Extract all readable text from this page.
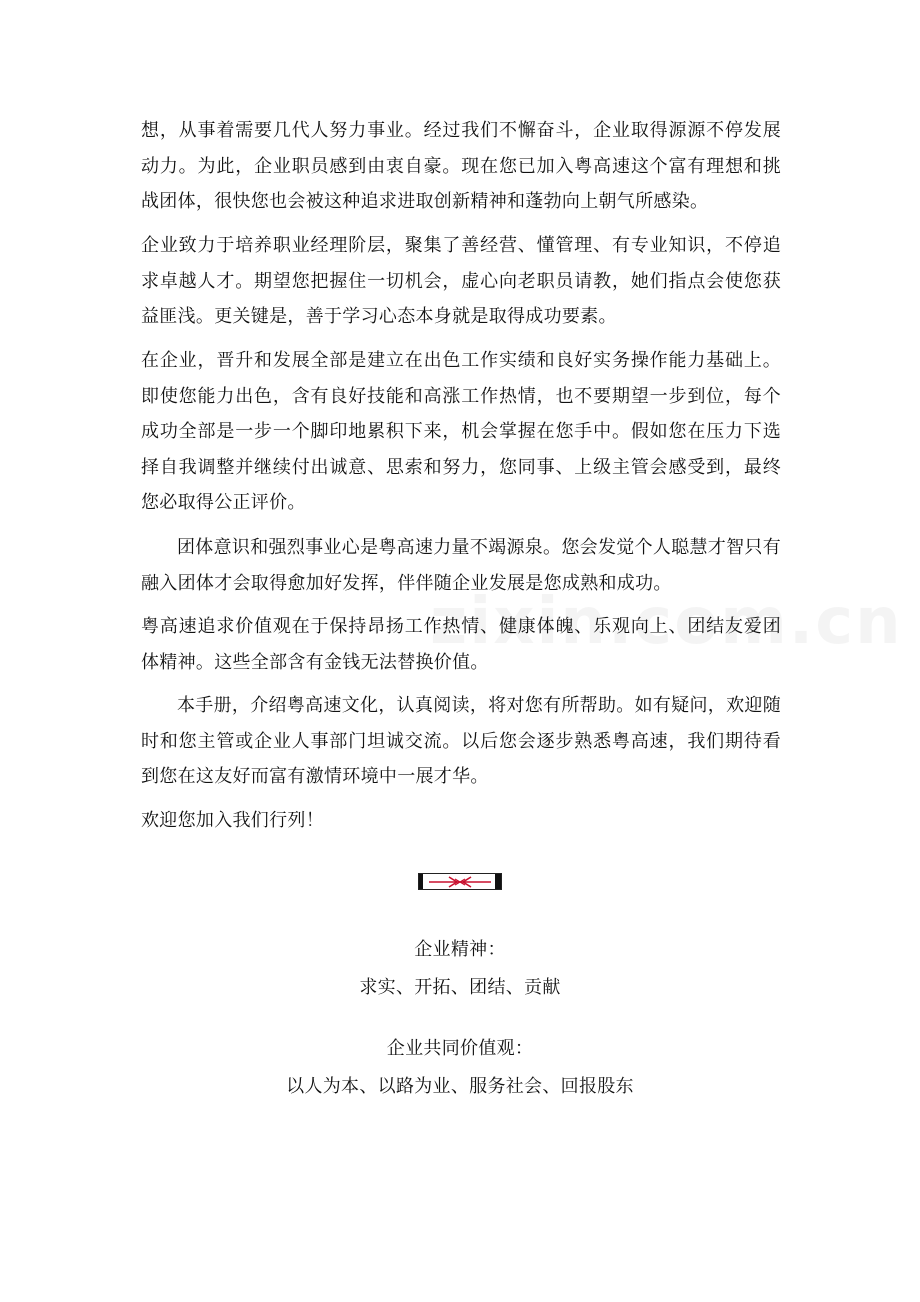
想，从事着需要几代人努力事业。经过我们不懈奋斗，企业取得源源不停发展动力。为此，企业职员感到由衷自豪。现在您已加入粤高速这个富有理想和挑战团体，很快您也会被这种追求进取创新精神和蓬勃向上朝气所感染。

企业致力于培养职业经理阶层，聚集了善经营、懂管理、有专业知识，不停追求卓越人才。期望您把握住一切机会，虚心向老职员请教，她们指点会使您获益匪浅。更关键是，善于学习心态本身就是取得成功要素。

在企业，晋升和发展全部是建立在出色工作实绩和良好实务操作能力基础上。即使您能力出色，含有良好技能和高涨工作热情，也不要期望一步到位，每个成功全部是一步一个脚印地累积下来，机会掌握在您手中。假如您在压力下选择自我调整并继续付出诚意、思索和努力，您同事、上级主管会感受到，最终您必取得公正评价。

团体意识和强烈事业心是粤高速力量不竭源泉。您会发觉个人聪慧才智只有融入团体才会取得愈加好发挥，伴伴随企业发展是您成熟和成功。

粤高速追求价值观在于保持昂扬工作热情、健康体魄、乐观向上、团结友爱团体精神。这些全部含有金钱无法替换价值。

本手册，介绍粤高速文化，认真阅读，将对您有所帮助。如有疑问，欢迎随时和您主管或企业人事部门坦诚交流。以后您会逐步熟悉粤高速，我们期待看到您在这友好而富有激情环境中一展才华。

欢迎您加入我们行列！

企业精神：

求实、开拓、团结、贡献

企业共同价值观：

以人为本、以路为业、服务社会、回报股东
